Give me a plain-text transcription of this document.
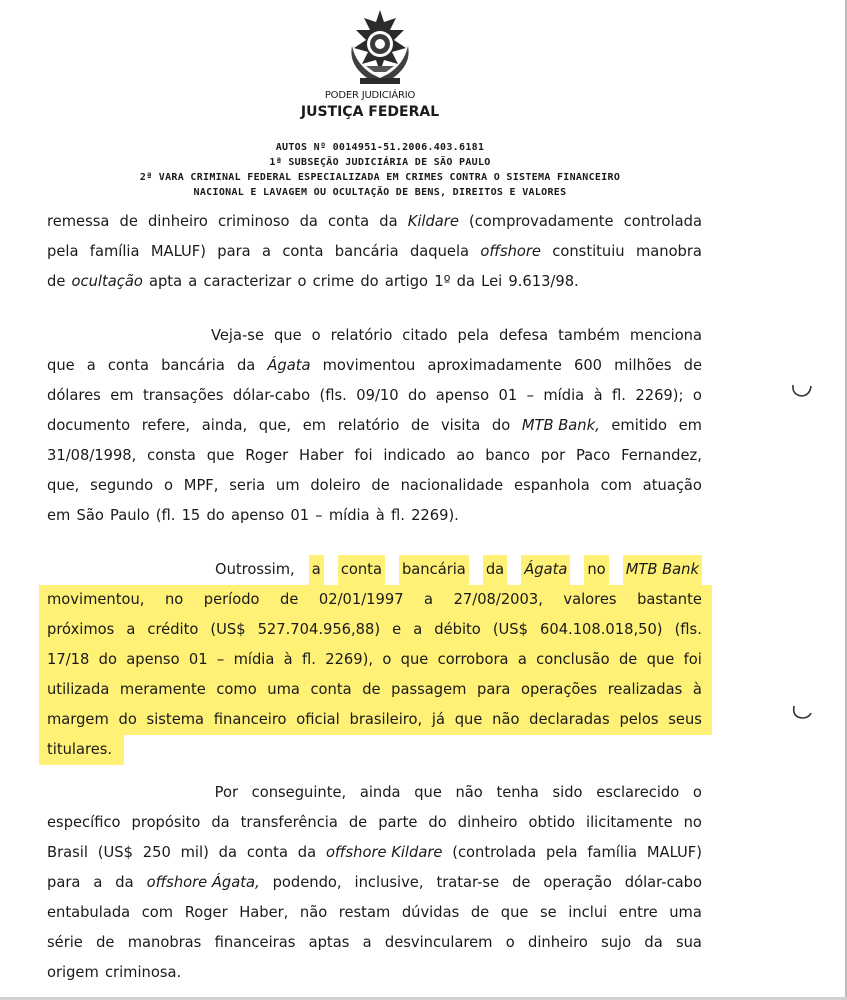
PODER JUDICIÁRIO
JUSTIÇA FEDERAL
AUTOS Nº 0014951-51.2006.403.6181
1ª SUBSEÇÃO JUDICIÁRIA DE SÃO PAULO
2ª VARA CRIMINAL FEDERAL ESPECIALIZADA EM CRIMES CONTRA O SISTEMA FINANCEIRO
NACIONAL E LAVAGEM OU OCULTAÇÃO DE BENS, DIREITOS E VALORES
remessa de dinheiro criminoso da conta da Kildare (comprovadamente controlada
pela família MALUF) para a conta bancária daquela offshore constituiu manobra
de ocultação apta a caracterizar o crime do artigo 1º da Lei 9.613/98.
Veja-se que o relatório citado pela defesa também menciona
que a conta bancária da Ágata movimentou aproximadamente 600 milhões de
dólares em transações dólar-cabo (fls. 09/10 do apenso 01 – mídia à fl. 2269); o
documento refere, ainda, que, em relatório de visita do MTB Bank, emitido em
31/08/1998, consta que Roger Haber foi indicado ao banco por Paco Fernandez,
que, segundo o MPF, seria um doleiro de nacionalidade espanhola com atuação
em São Paulo (fl. 15 do apenso 01 – mídia à fl. 2269).
Outrossim, a conta bancária da Ágata no MTB Bank
movimentou, no período de 02/01/1997 a 27/08/2003, valores bastante
próximos a crédito (US$ 527.704.956,88) e a débito (US$ 604.108.018,50) (fls.
17/18 do apenso 01 – mídia à fl. 2269), o que corrobora a conclusão de que foi
utilizada meramente como uma conta de passagem para operações realizadas à
margem do sistema financeiro oficial brasileiro, já que não declaradas pelos seus
titulares.
Por conseguinte, ainda que não tenha sido esclarecido o
específico propósito da transferência de parte do dinheiro obtido ilicitamente no
Brasil (US$ 250 mil) da conta da offshore Kildare (controlada pela família MALUF)
para a da offshore Ágata, podendo, inclusive, tratar-se de operação dólar-cabo
entabulada com Roger Haber, não restam dúvidas de que se inclui entre uma
série de manobras financeiras aptas a desvincularem o dinheiro sujo da sua
origem criminosa.
